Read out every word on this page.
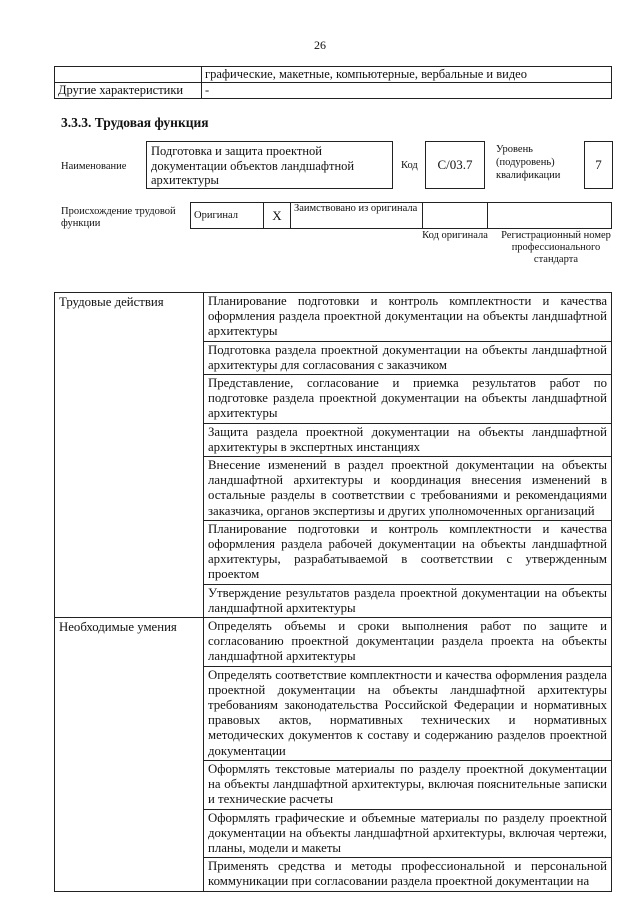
26
	графические, макетные, компьютерные, вербальные и видео
Другие характеристики	-
3.3.3. Трудовая функция
Наименование
Подготовка и защита проектной документации объектов ландшафтной архитектуры
Код	С/03.7
Уровень (подуровень) квалификации
7
Происхождение трудовой функции
Оригинал	X	Заимствовано из оригинала		
Код оригинала Регистрационный номер профессионального стандарта
Трудовые действия	Планирование подготовки и контроль комплектности и качества оформления раздела проектной документации на объекты ландшафтной архитектуры
	Подготовка раздела проектной документации на объекты ландшафтной архитектуры для согласования с заказчиком
	Представление, согласование и приемка результатов работ по подготовке раздела проектной документации на объекты ландшафтной архитектуры
	Защита раздела проектной документации на объекты ландшафтной архитектуры в экспертных инстанциях
	Внесение изменений в раздел проектной документации на объекты ландшафтной архитектуры и координация внесения изменений в остальные разделы в соответствии с требованиями и рекомендациями заказчика, органов экспертизы и других уполномоченных организаций
	Планирование подготовки и контроль комплектности и качества оформления раздела рабочей документации на объекты ландшафтной архитектуры, разрабатываемой в соответствии с утвержденным проектом
	Утверждение результатов раздела проектной документации на объекты ландшафтной архитектуры
Необходимые умения	Определять объемы и сроки выполнения работ по защите и согласованию проектной документации раздела проекта на объекты ландшафтной архитектуры
	Определять соответствие комплектности и качества оформления раздела проектной документации на объекты ландшафтной архитектуры требованиям законодательства Российской Федерации и нормативных правовых актов, нормативных технических и нормативных методических документов к составу и содержанию разделов проектной документации
	Оформлять текстовые материалы по разделу проектной документации на объекты ландшафтной архитектуры, включая пояснительные записки и технические расчеты
	Оформлять графические и объемные материалы по разделу проектной документации на объекты ландшафтной архитектуры, включая чертежи, планы, модели и макеты
	Применять средства и методы профессиональной и персональной коммуникации при согласовании раздела проектной документации на
